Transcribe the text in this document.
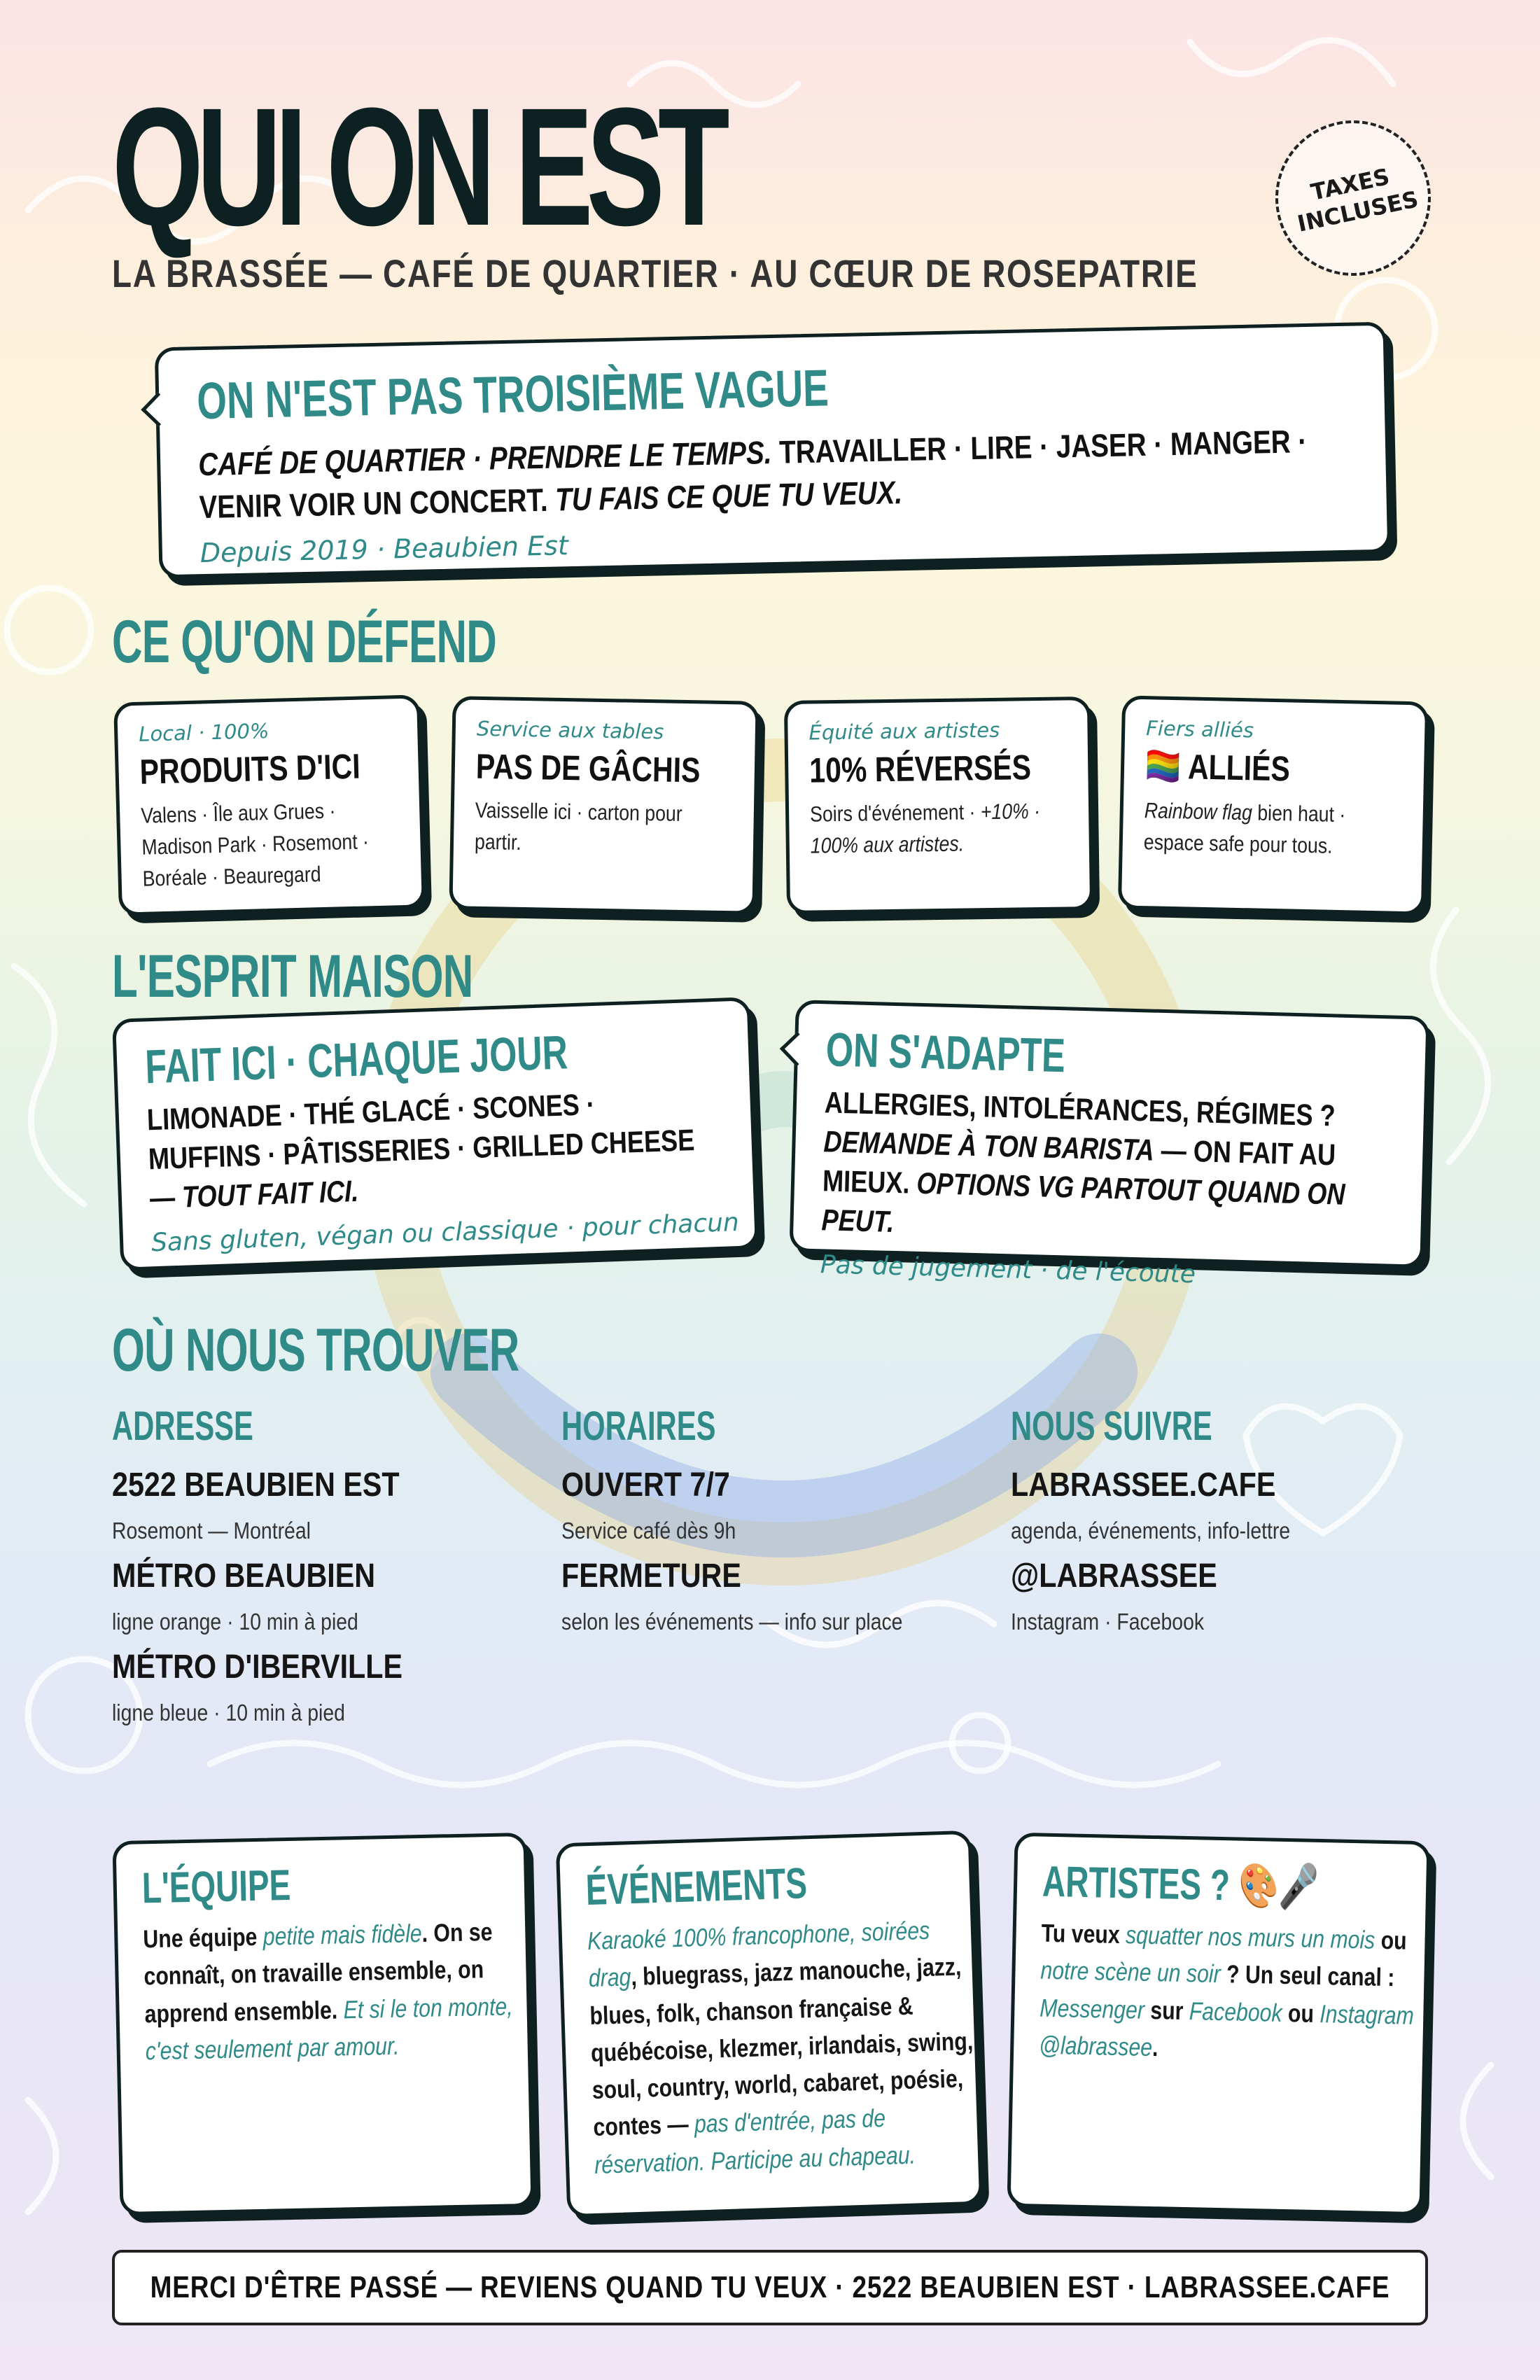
QUI ON EST
LA BRASSÉE — CAFÉ DE QUARTIER · AU CŒUR DE ROSEPATRIE
TAXES INCLUSES
ON N'EST PAS TROISIÈME VAGUE
CAFÉ DE QUARTIER · PRENDRE LE TEMPS. TRAVAILLER · LIRE · JASER · MANGER · VENIR VOIR UN CONCERT. TU FAIS CE QUE TU VEUX.
Depuis 2019 · Beaubien Est
CE QU'ON DÉFEND
Local · 100%
PRODUITS D'ICI
Valens · Île aux Grues · Madison Park · Rosemont · Boréale · Beauregard
Service aux tables
PAS DE GÂCHIS
Vaisselle ici · carton pour partir.
Équité aux artistes
10% RÉVERSÉS
Soirs d'événement · +10% · 100% aux artistes.
Fiers alliés
🏳️‍🌈 ALLIÉS
Rainbow flag bien haut · espace safe pour tous.
L'ESPRIT MAISON
FAIT ICI · CHAQUE JOUR
LIMONADE · THÉ GLACÉ · SCONES · MUFFINS · PÂTISSERIES · GRILLED CHEESE — TOUT FAIT ICI.
Sans gluten, végan ou classique · pour chacun
ON S'ADAPTE
ALLERGIES, INTOLÉRANCES, RÉGIMES ? DEMANDE À TON BARISTA — ON FAIT AU MIEUX. OPTIONS VG PARTOUT QUAND ON PEUT.
Pas de jugement · de l'écoute
OÙ NOUS TROUVER
ADRESSE
2522 BEAUBIEN EST
Rosemont — Montréal
MÉTRO BEAUBIEN
ligne orange · 10 min à pied
MÉTRO D'IBERVILLE
ligne bleue · 10 min à pied
HORAIRES
OUVERT 7/7
Service café dès 9h
FERMETURE
selon les événements — info sur place
NOUS SUIVRE
LABRASSEE.CAFE
agenda, événements, info-lettre
@LABRASSEE
Instagram · Facebook
L'ÉQUIPE
Une équipe petite mais fidèle. On se connaît, on travaille ensemble, on apprend ensemble. Et si le ton monte, c'est seulement par amour.
ÉVÉNEMENTS
Karaoké 100% francophone, soirées drag, bluegrass, jazz manouche, jazz, blues, folk, chanson française & québécoise, klezmer, irlandais, swing, soul, country, world, cabaret, poésie, contes — pas d'entrée, pas de réservation. Participe au chapeau.
ARTISTES ? 🎨🎤
Tu veux squatter nos murs un mois ou notre scène un soir ? Un seul canal : Messenger sur Facebook ou Instagram @labrassee.
MERCI D'ÊTRE PASSÉ — REVIENS QUAND TU VEUX · 2522 BEAUBIEN EST · LABRASSEE.CAFE
